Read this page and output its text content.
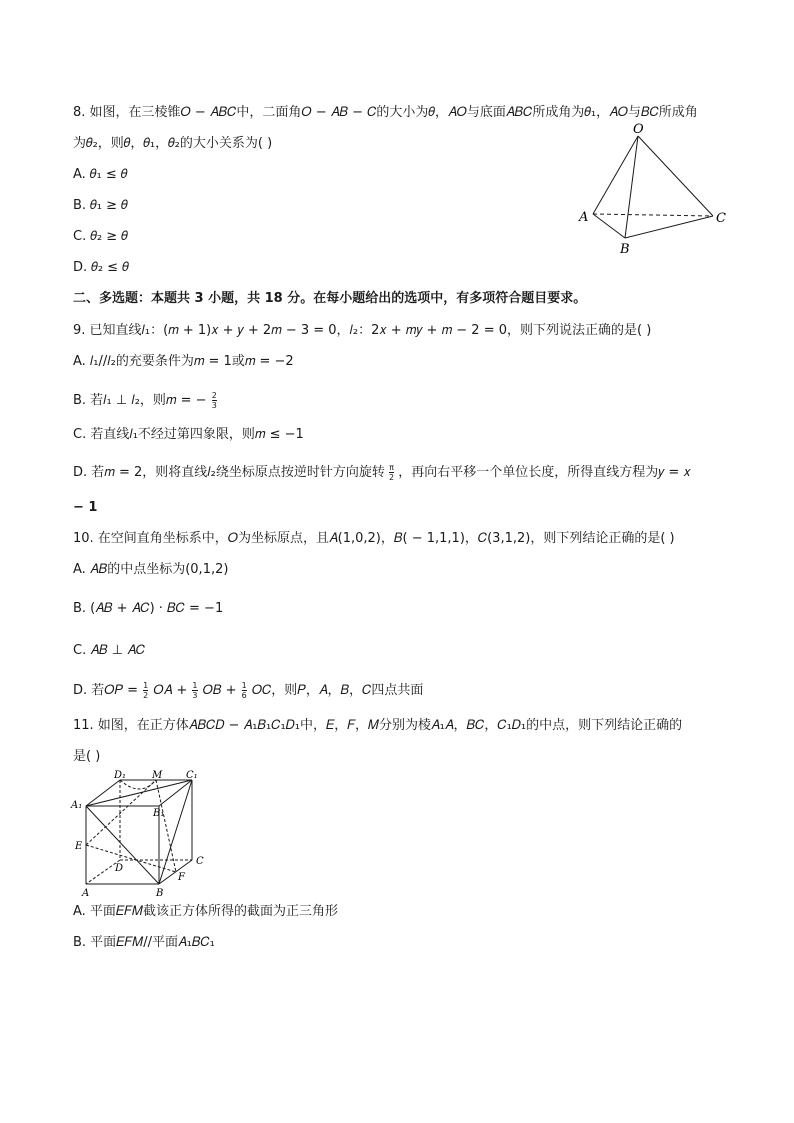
8. 如图，在三棱锥𝑂 − 𝐴𝐵𝐶中，二面角𝑂 − 𝐴𝐵 − 𝐶的大小为𝜃，𝐴𝑂与底面𝐴𝐵𝐶所成角为𝜃₁，𝐴𝑂与𝐵𝐶所成角
为𝜃₂，则𝜃，𝜃₁，𝜃₂的大小关系为( )
A. 𝜃₁ ≤ 𝜃
B. 𝜃₁ ≥ 𝜃
C. 𝜃₂ ≥ 𝜃
D. 𝜃₂ ≤ 𝜃
O
A
B
C
二、多选题：本题共 3 小题，共 18 分。在每小题给出的选项中，有多项符合题目要求。
9. 已知直线𝑙₁：(𝑚 + 1)𝑥 + 𝑦 + 2𝑚 − 3 = 0，𝑙₂：2𝑥 + 𝑚𝑦 + 𝑚 − 2 = 0，则下列说法正确的是( )
A. 𝑙₁//𝑙₂的充要条件为𝑚 = 1或𝑚 = −2
B. 若𝑙₁ ⊥ 𝑙₂，则𝑚 = − $\frac{2}{3}$
C. 若直线𝑙₁不经过第四象限，则𝑚 ≤ −1
D. 若𝑚 = 2，则将直线𝑙₂绕坐标原点按逆时针方向旋转 $\frac{\pi}{2}$ ，再向右平移一个单位长度，所得直线方程为𝑦 = 𝑥
− 1
10. 在空间直角坐标系中，𝑂为坐标原点，且𝐴(1,0,2)，𝐵( − 1,1,1)，𝐶(3,1,2)，则下列结论正确的是( )
A. 𝐴𝐵的中点坐标为(0,1,2)
B. (𝐴𝐵 + 𝐴𝐶) · 𝐵𝐶 = −1
C. 𝐴𝐵 ⊥ 𝐴𝐶
D. 若𝑂𝑃 = $\frac{1}{2}$ 𝑂𝐴 + $\frac{1}{3}$ 𝑂𝐵 + $\frac{1}{6}$ 𝑂𝐶，则𝑃，𝐴，𝐵，𝐶四点共面
11. 如图，在正方体𝐴𝐵𝐶𝐷 − 𝐴₁𝐵₁𝐶₁𝐷₁中，𝐸，𝐹，𝑀分别为棱𝐴₁𝐴，𝐵𝐶，𝐶₁𝐷₁的中点，则下列结论正确的
是( )
D₁	M C₁
A₁
B₁
E
D
C
F
A	B
A. 平面𝐸𝐹𝑀截该正方体所得的截面为正三角形
B. 平面𝐸𝐹𝑀//平面𝐴₁𝐵𝐶₁
